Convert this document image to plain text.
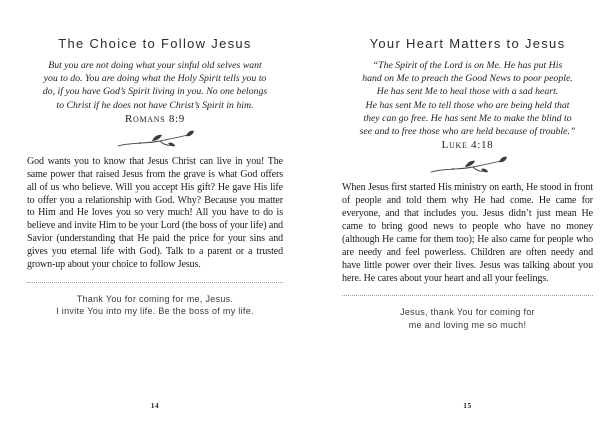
The Choice to Follow Jesus
But you are not doing what your sinful old selves want
you to do. You are doing what the Holy Spirit tells you to
do, if you have God’s Spirit living in you. No one belongs
to Christ if he does not have Christ’s Spirit in him.
Romans 8:9

God wants you to know that Jesus Christ can live in you! The same power that raised Jesus from the grave is what God offers all of us who believe. Will you accept His gift? He gave His life to offer you a relationship with God. Why? Because you matter to Him and He loves you so very much! All you have to do is believe and invite Him to be your Lord (the boss of your life) and Savior (understanding that He paid the price for your sins and gives you eternal life with God). Talk to a parent or a trusted grown-up about your choice to follow Jesus.

Thank You for coming for me, Jesus.
I invite You into my life. Be the boss of my life.
14
Your Heart Matters to Jesus
“The Spirit of the Lord is on Me. He has put His
hand on Me to preach the Good News to poor people.
He has sent Me to heal those with a sad heart.
He has sent Me to tell those who are being held that
they can go free. He has sent Me to make the blind to
see and to free those who are held because of trouble.”
Luke 4:18

When Jesus first started His ministry on earth, He stood in front of people and told them why He had come. He came for everyone, and that includes you. Jesus didn’t just mean He came to bring good news to people who have no money (although He came for them too); He also came for people who are needy and feel powerless. Children are often needy and have little power over their lives. Jesus was talking about you here. He cares about your heart and all your feelings.

Jesus, thank You for coming for
me and loving me so much!
15
